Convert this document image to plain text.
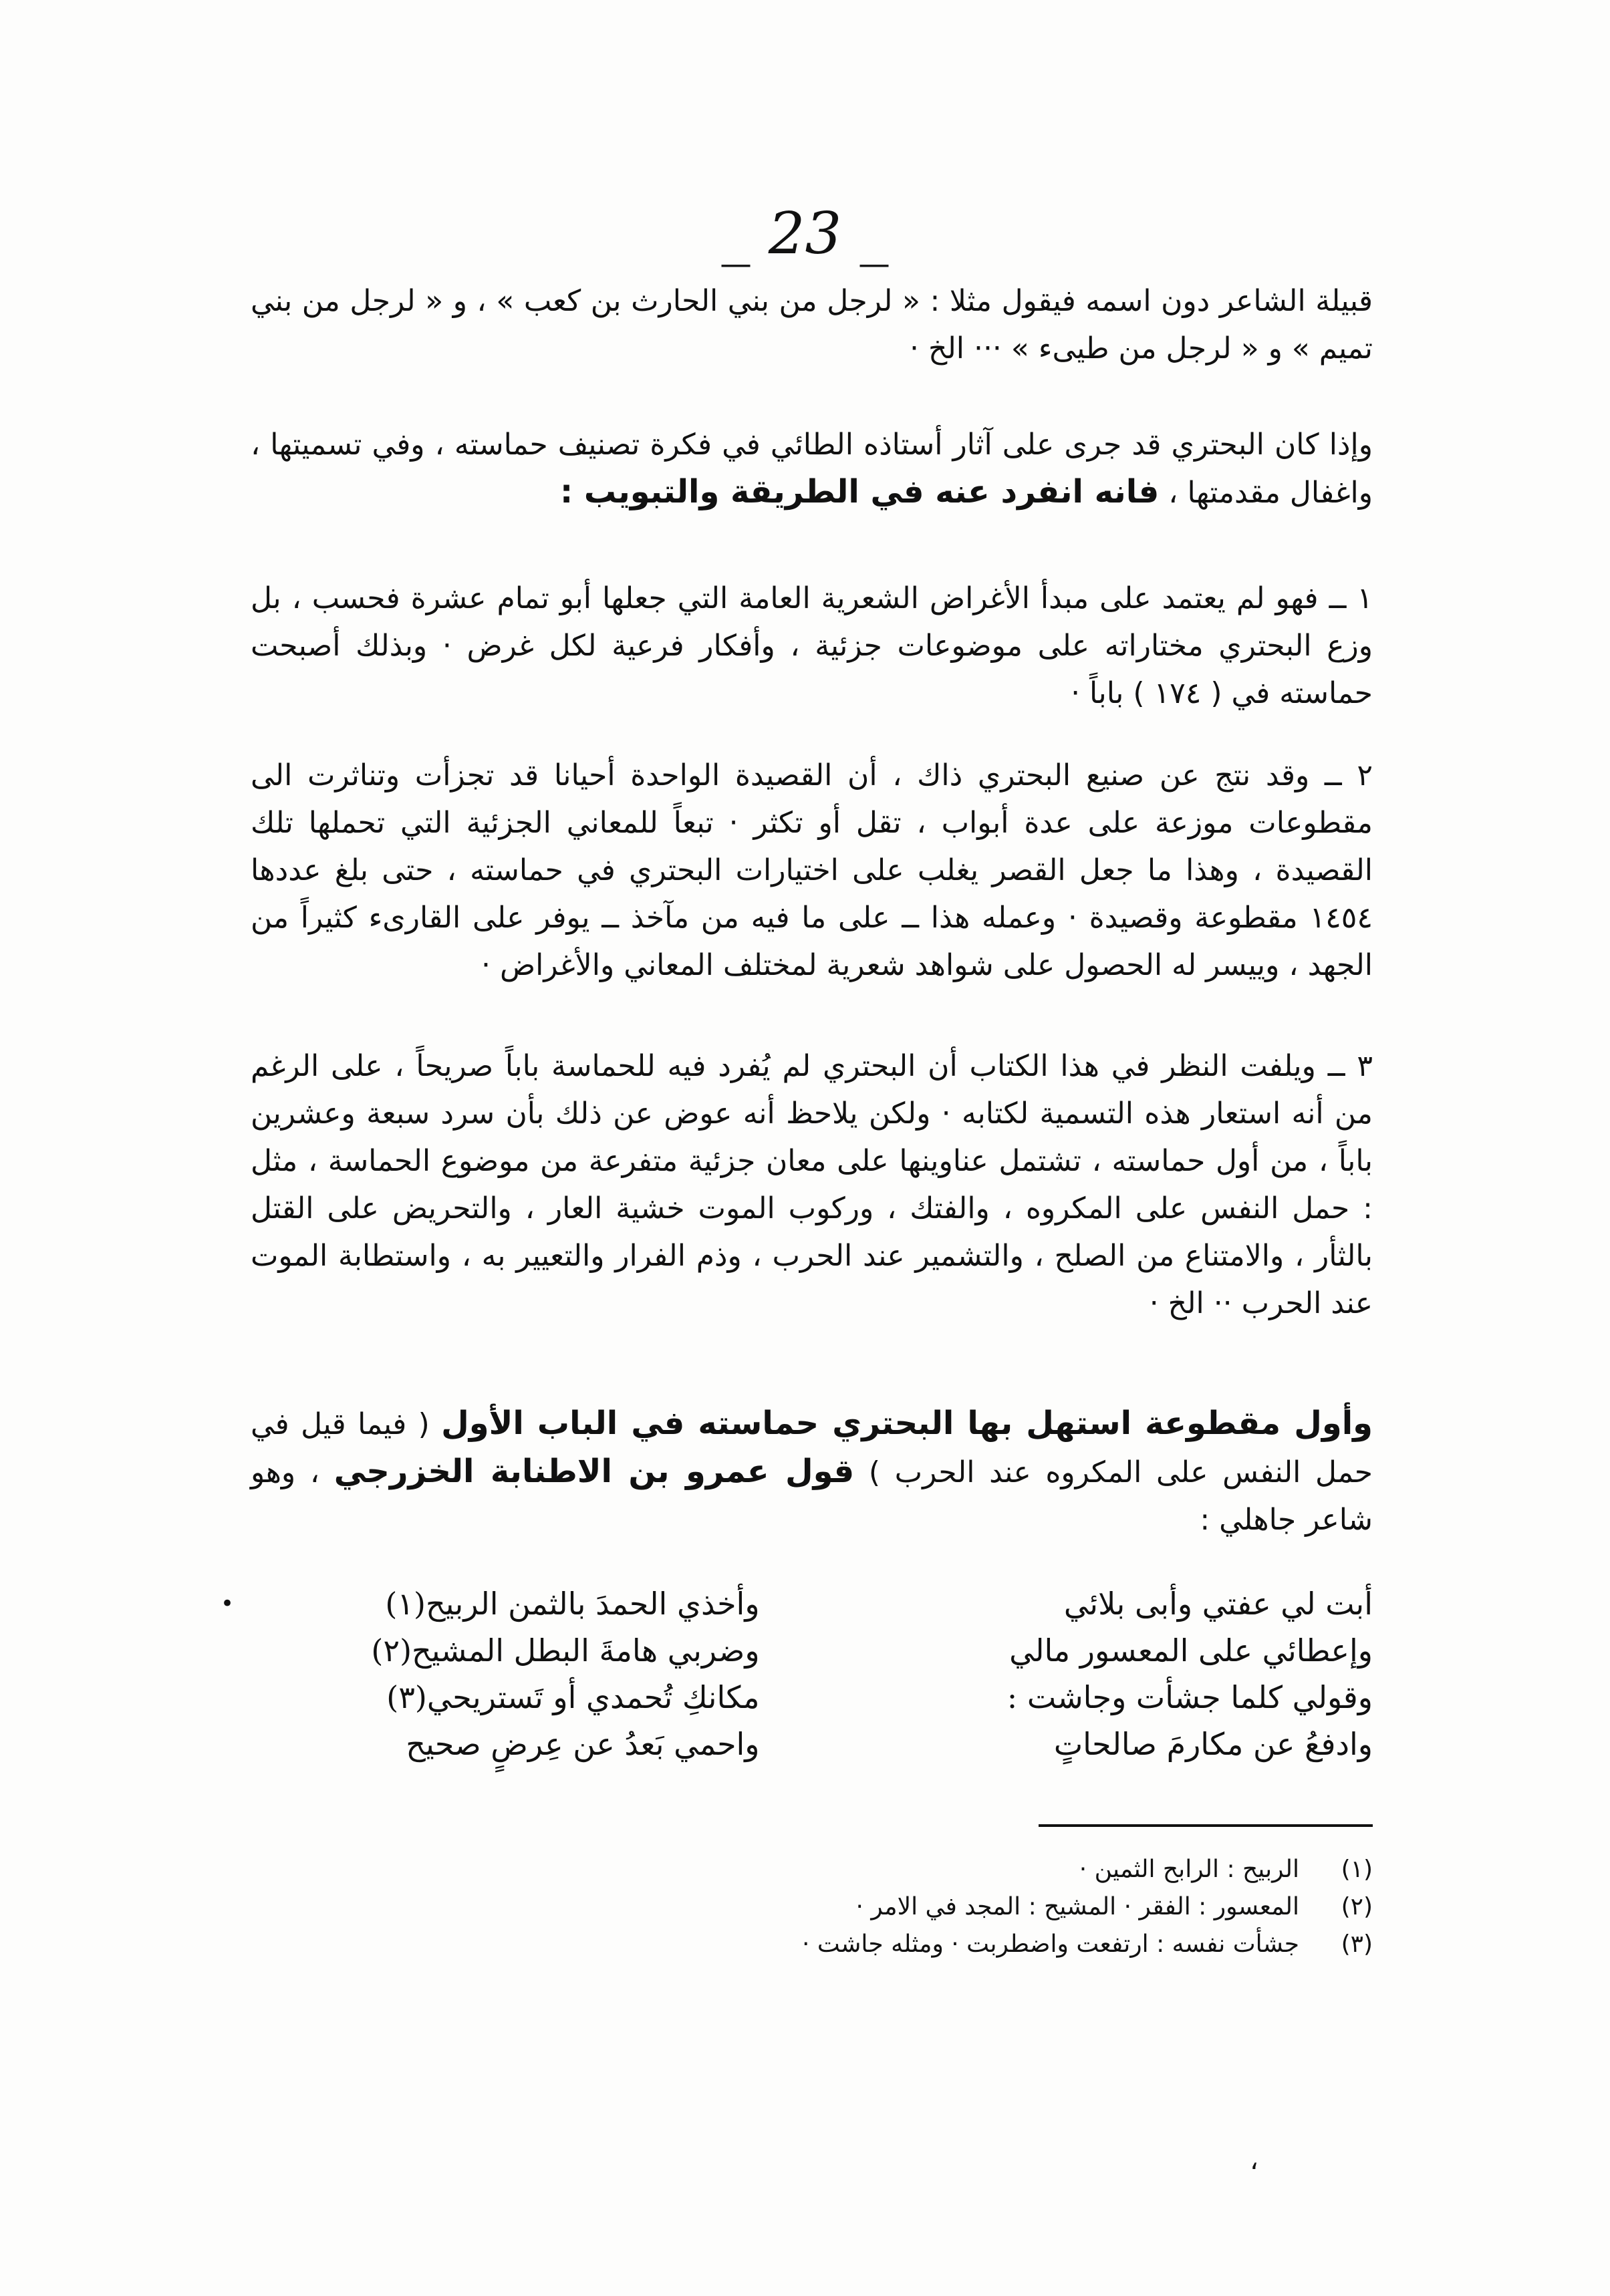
_ 23 _

قبيلة الشاعر دون اسمه فيقول مثلا : « لرجل من بني الحارث بن كعب » ، و « لرجل من بني تميم » و « لرجل من طيىء » ··· الخ ·

وإذا كان البحتري قد جرى على آثار أستاذه الطائي في فكرة تصنيف حماسته ، وفي تسميتها ، واغفال مقدمتها ، فانه انفرد عنه في الطريقة والتبويب :

١ ــ فهو لم يعتمد على مبدأ الأغراض الشعرية العامة التي جعلها أبو تمام عشرة فحسب ، بل وزع البحتري مختاراته على موضوعات جزئية ، وأفكار فرعية لكل غرض · وبذلك أصبحت حماسته في ( ١٧٤ ) باباً ·

٢ ــ وقد نتج عن صنيع البحتري ذاك ، أن القصيدة الواحدة أحيانا قد تجزأت وتناثرت الى مقطوعات موزعة على عدة أبواب ، تقل أو تكثر · تبعاً للمعاني الجزئية التي تحملها تلك القصيدة ، وهذا ما جعل القصر يغلب على اختيارات البحتري في حماسته ، حتى بلغ عددها ١٤٥٤ مقطوعة وقصيدة · وعمله هذا ــ على ما فيه من مآخذ ــ يوفر على القارىء كثيراً من الجهد ، وييسر له الحصول على شواهد شعرية لمختلف المعاني والأغراض ·

٣ ــ ويلفت النظر في هذا الكتاب أن البحتري لم يُفرد فيه للحماسة باباً صريحاً ، على الرغم من أنه استعار هذه التسمية لكتابه · ولكن يلاحظ أنه عوض عن ذلك بأن سرد سبعة وعشرين باباً ، من أول حماسته ، تشتمل عناوينها على معان جزئية متفرعة من موضوع الحماسة ، مثل : حمل النفس على المكروه ، والفتك ، وركوب الموت خشية العار ، والتحريض على القتل بالثأر ، والامتناع من الصلح ، والتشمير عند الحرب ، وذم الفرار والتعيير به ، واستطابة الموت عند الحرب ·· الخ ·

وأول مقطوعة استهل بها البحتري حماسته في الباب الأول ( فيما قيل في حمل النفس على المكروه عند الحرب ) قول عمرو بن الاطنابة الخزرجي ، وهو شاعر جاهلي :

•	أبت لي عفتي وأبى بلائي
وأخذي الحمدَ بالثمن الربيح(١)
وإعطائي على المعسور مالي
وضربي هامةَ البطل المشيح(٢)
وقولي كلما جشأت وجاشت :
مكانكِ تُحمدي أو تَستريحي(٣)
وادفعُ عن مكارمَ صالحاتٍ
واحمي بَعدُ عن عِرضٍ صحيح
(١)
الربيح : الرابح الثمين ·
(٢)
المعسور : الفقر · المشيح : المجد في الامر ·
(٣)
جشأت نفسه : ارتفعت واضطربت · ومثله جاشت ·
،
